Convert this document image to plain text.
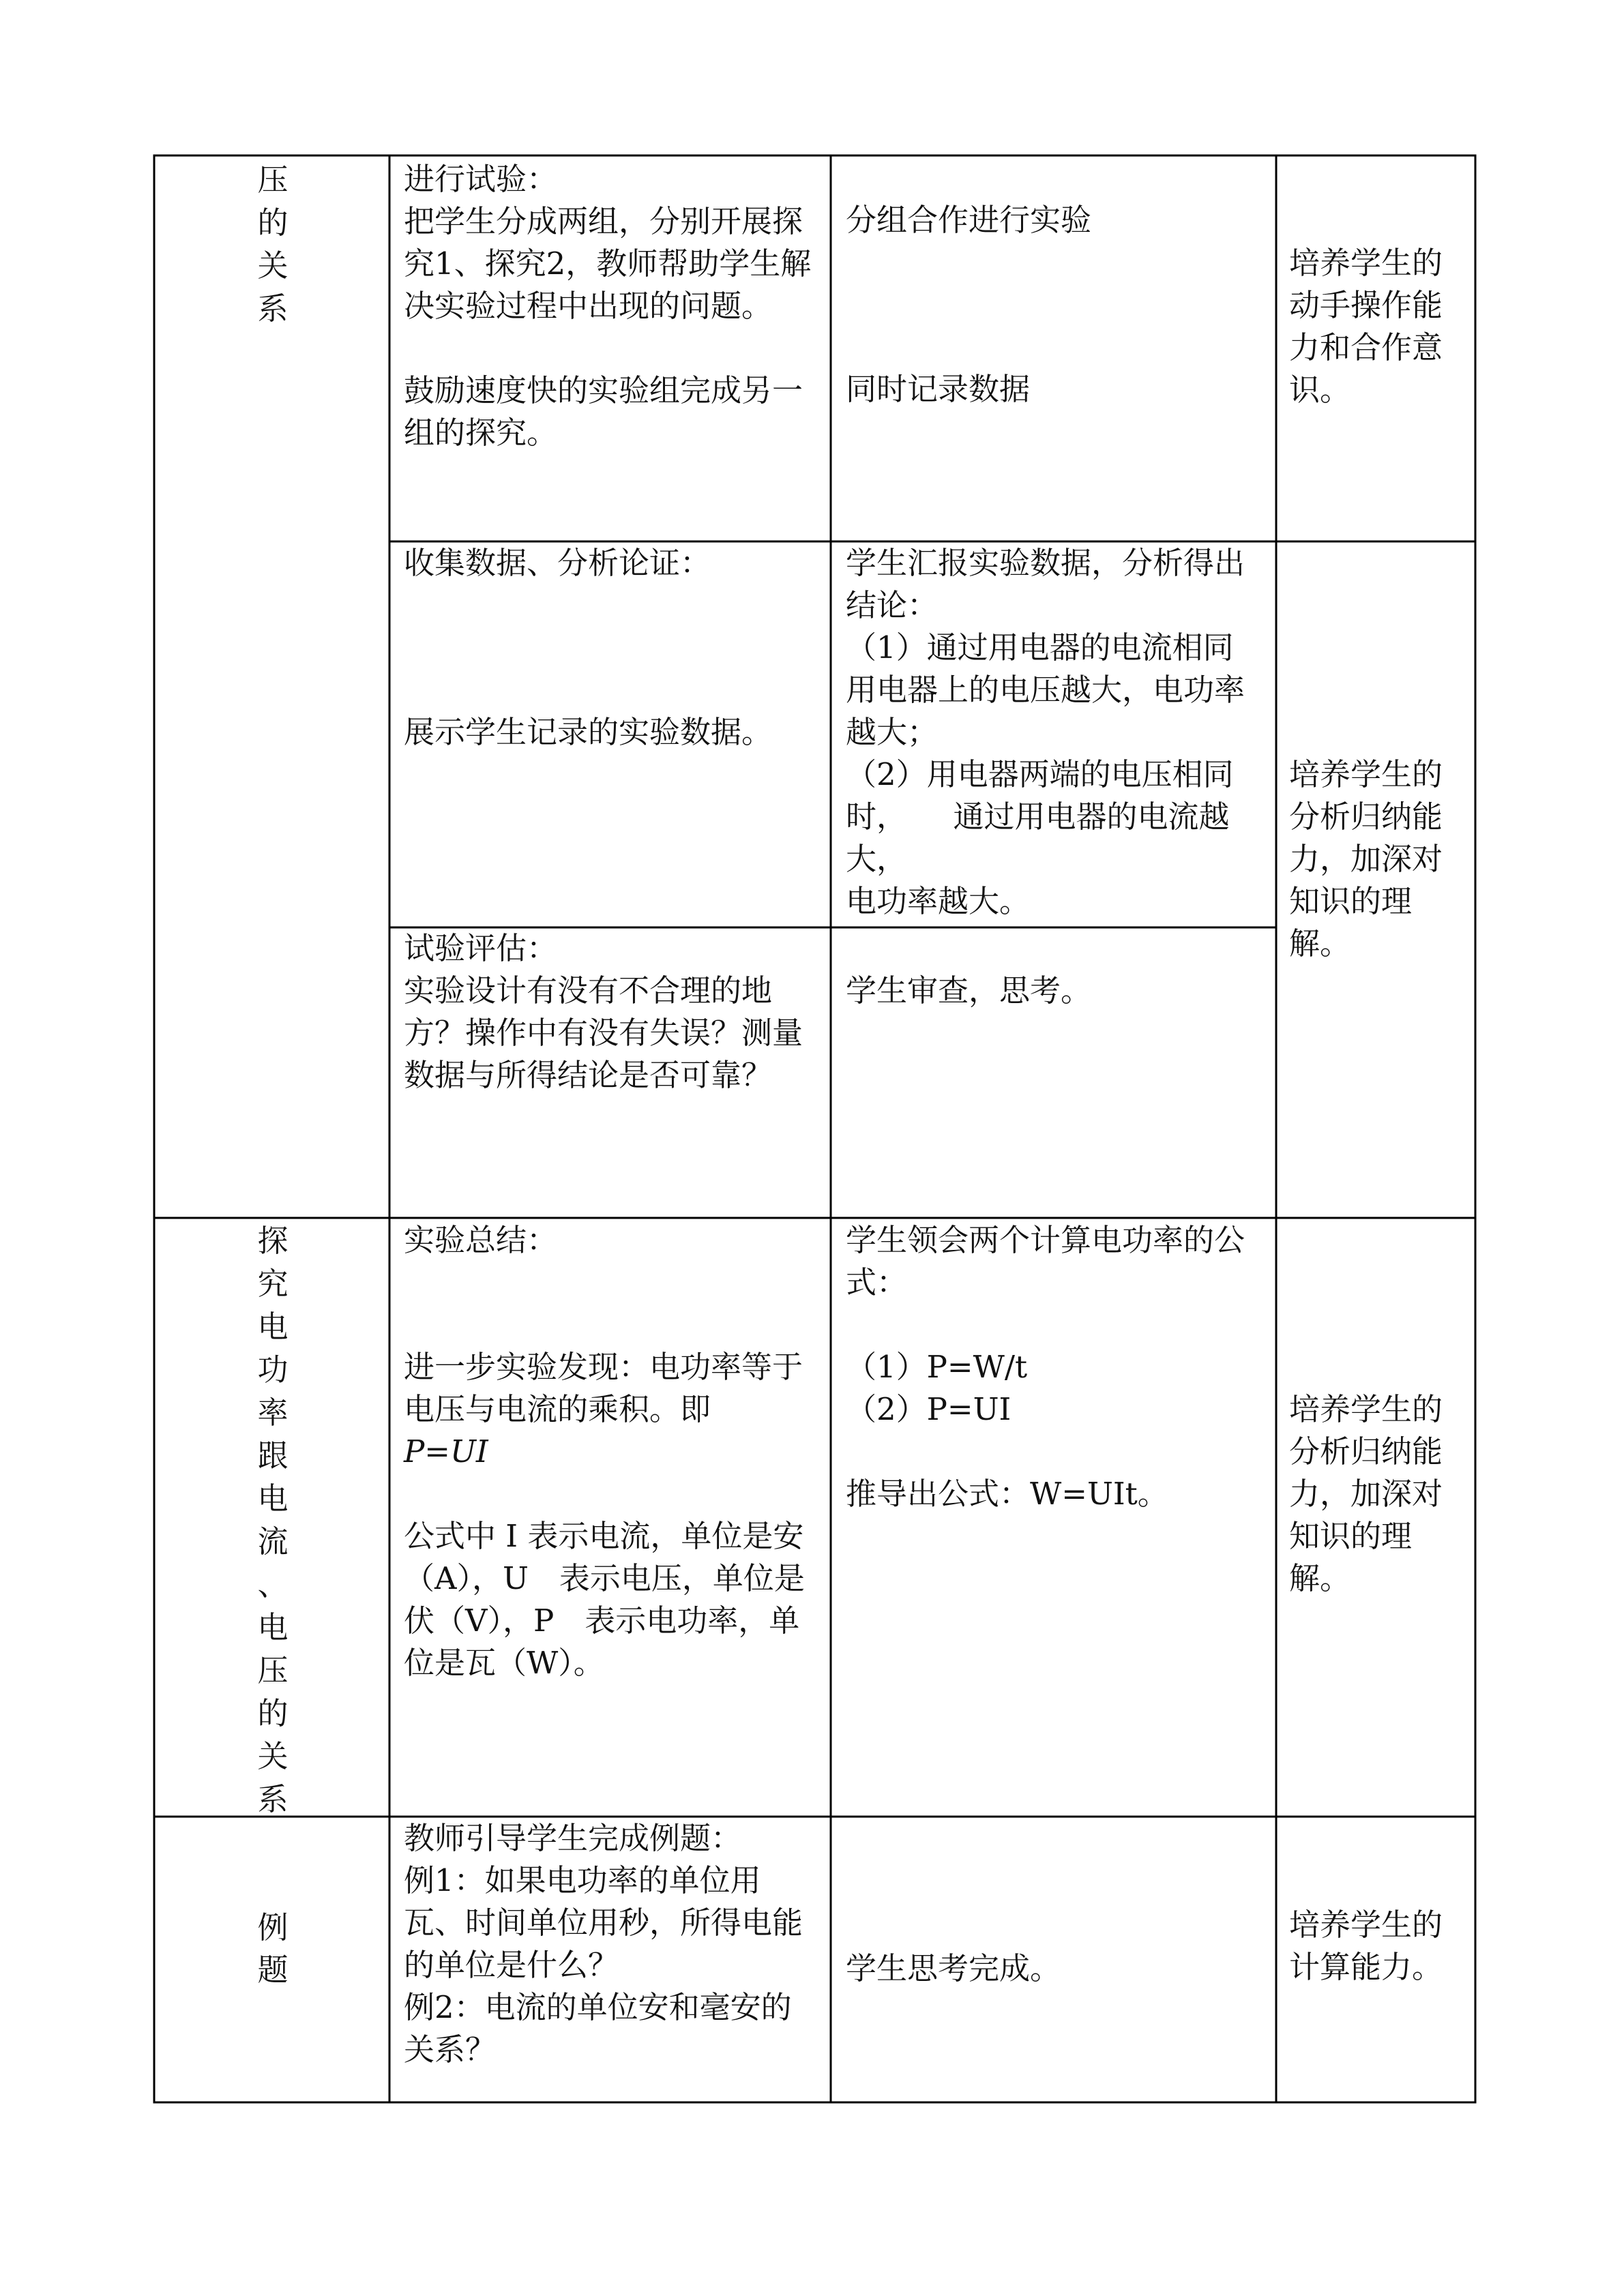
压
的
关
系

进行试验：

把学生分成两组，分别开展探究1、探究2，教师帮助学生解决实验过程中出现的问题。

鼓励速度快的实验组完成另一组的探究。

分组合作进行实验

同时记录数据

培养学生的动手操作能力和合作意识。

收集数据、分析论证：

展示学生记录的实验数据。

学生汇报实验数据，分析得出结论：

（1）通过用电器的电流相同用电器上的电压越大，电功率越大；

（2）用电器两端的电压相同时，　　通过用电器的电流越大，

电功率越大。

培养学生的分析归纳能力，加深对知识的理解。

试验评估：

实验设计有没有不合理的地方？操作中有没有失误？测量数据与所得结论是否可靠？

学生审查，思考。

探
究
电
功
率
跟
电
流
、
电
压
的
关
系

实验总结：

进一步实验发现：电功率等于电压与电流的乘积。即

P=UI

公式中 I 表示电流，单位是安（A），U　表示电压，单位是伏（V），P　表示电功率，单位是瓦（W）。

学生领会两个计算电功率的公式：

（1）P=W/t

（2）P=UI

推导出公式：W=UIt。

培养学生的分析归纳能力，加深对知识的理解。

例题

教师引导学生完成例题：

例1：如果电功率的单位用瓦、时间单位用秒，所得电能的单位是什么？

例2：电流的单位安和毫安的关系？

学生思考完成。

培养学生的计算能力。
